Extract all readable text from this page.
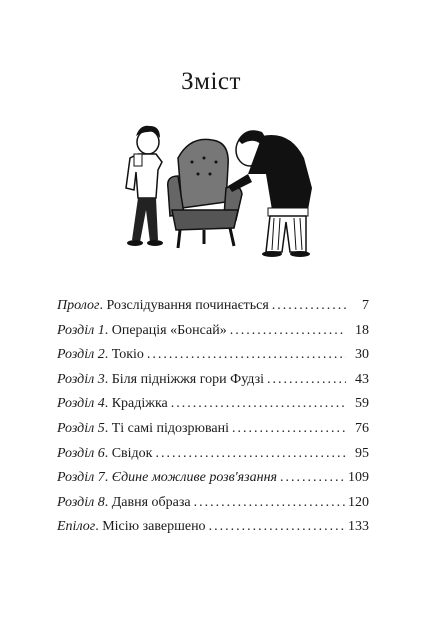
Зміст
Пролог. Розслідування починається .....	7
Розділ 1. Операція «Бонсай» .....	18
Розділ 2. Токіо .....	30
Розділ 3. Біля підніжжя гори Фудзі .....	43
Розділ 4. Крадіжка .....	59
Розділ 5. Ті самі підозрювані .....	76
Розділ 6. Свідок .....	95
Розділ 7. Єдине можливе розв'язання .....	109
Розділ 8. Давня образа .....	120
Епілог. Місію завершено .....	133
